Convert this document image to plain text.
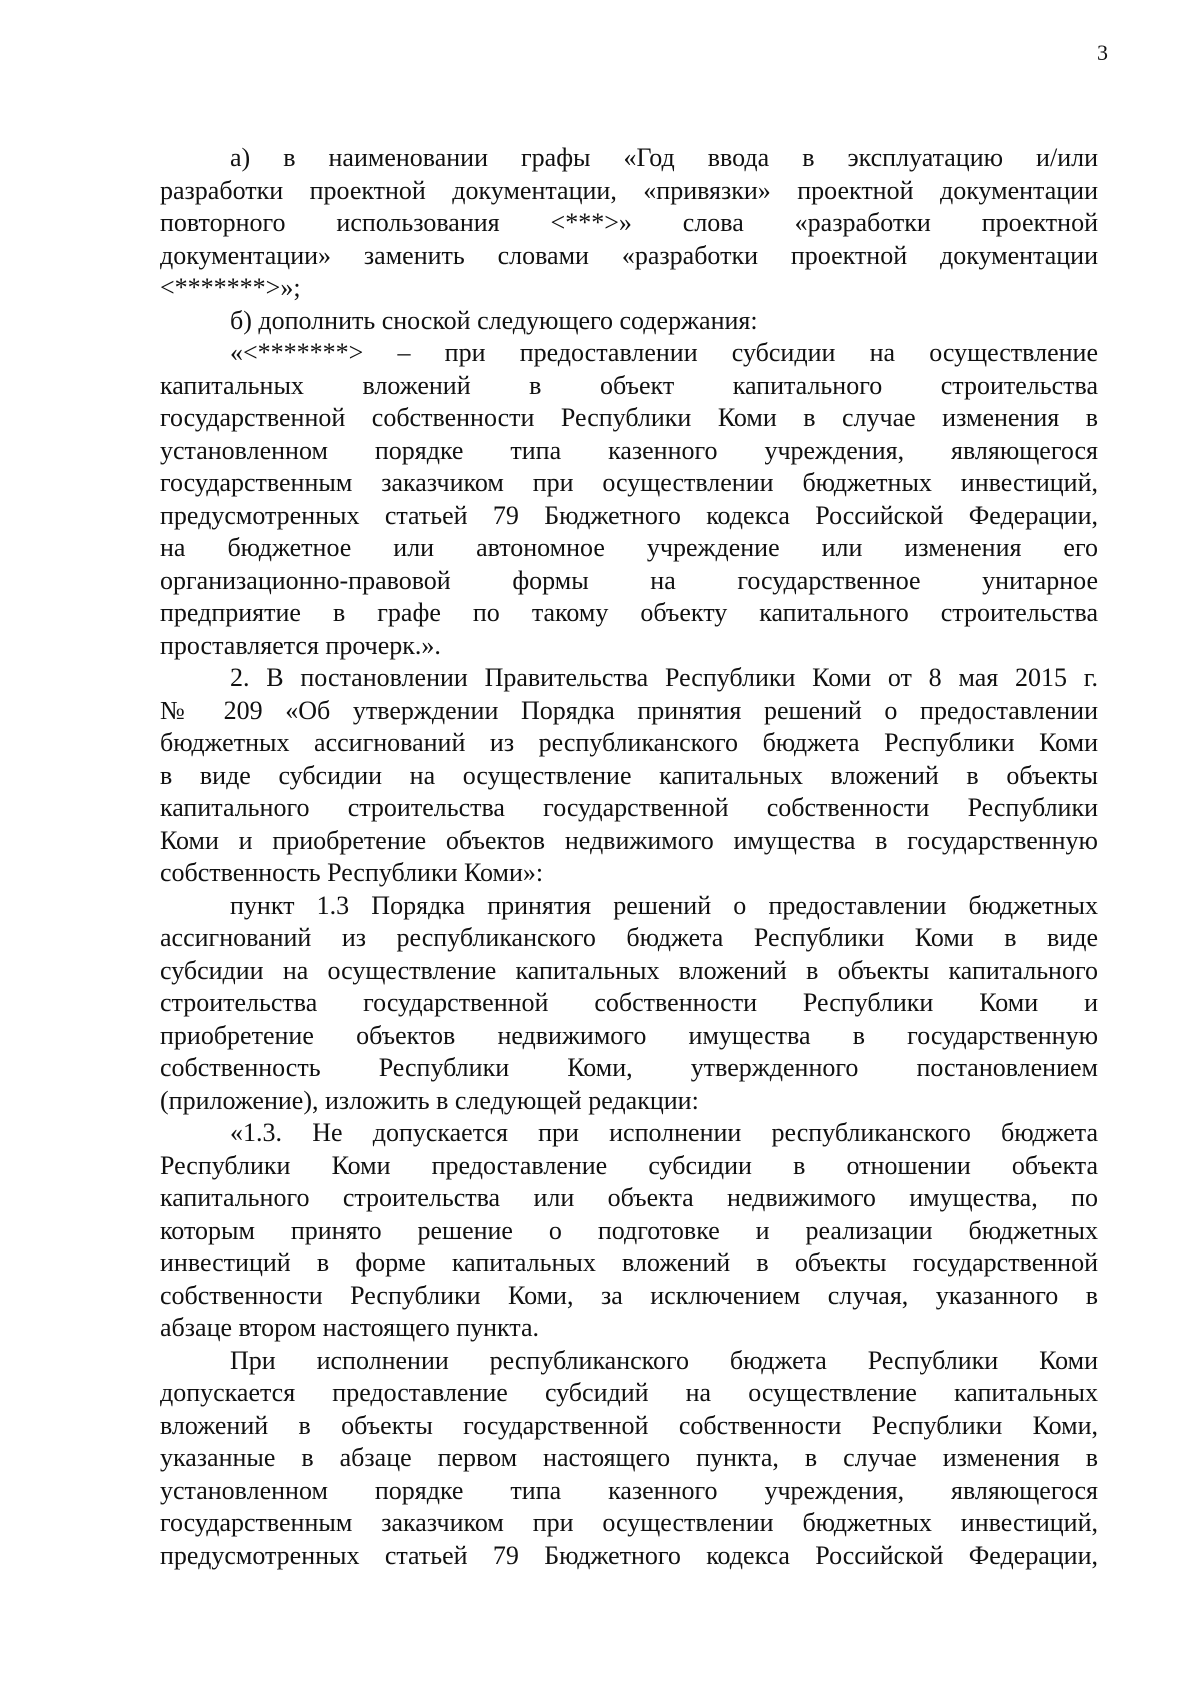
3
а) в наименовании графы «Год ввода в эксплуатацию и/или
разработки проектной документации, «привязки» проектной документации
повторного использования <***>» слова «разработки проектной
документации» заменить словами «разработки проектной документации
<*******>»;
б) дополнить сноской следующего содержания:
«<*******> – при предоставлении субсидии на осуществление
капитальных вложений в объект капитального строительства
государственной собственности Республики Коми в случае изменения в
установленном порядке типа казенного учреждения, являющегося
государственным заказчиком при осуществлении бюджетных инвестиций,
предусмотренных статьей 79 Бюджетного кодекса Российской Федерации,
на бюджетное или автономное учреждение или изменения его
организационно-правовой формы на государственное унитарное
предприятие в графе по такому объекту капитального строительства
проставляется прочерк.».
2. В постановлении Правительства Республики Коми от 8 мая 2015 г.
№ 209 «Об утверждении Порядка принятия решений о предоставлении
бюджетных ассигнований из республиканского бюджета Республики Коми
в виде субсидии на осуществление капитальных вложений в объекты
капитального строительства государственной собственности Республики
Коми и приобретение объектов недвижимого имущества в государственную
собственность Республики Коми»:
пункт 1.3 Порядка принятия решений о предоставлении бюджетных
ассигнований из республиканского бюджета Республики Коми в виде
субсидии на осуществление капитальных вложений в объекты капитального
строительства государственной собственности Республики Коми и
приобретение объектов недвижимого имущества в государственную
собственность Республики Коми, утвержденного постановлением
(приложение), изложить в следующей редакции:
«1.3. Не допускается при исполнении республиканского бюджета
Республики Коми предоставление субсидии в отношении объекта
капитального строительства или объекта недвижимого имущества, по
которым принято решение о подготовке и реализации бюджетных
инвестиций в форме капитальных вложений в объекты государственной
собственности Республики Коми, за исключением случая, указанного в
абзаце втором настоящего пункта.
При исполнении республиканского бюджета Республики Коми
допускается предоставление субсидий на осуществление капитальных
вложений в объекты государственной собственности Республики Коми,
указанные в абзаце первом настоящего пункта, в случае изменения в
установленном порядке типа казенного учреждения, являющегося
государственным заказчиком при осуществлении бюджетных инвестиций,
предусмотренных статьей 79 Бюджетного кодекса Российской Федерации,
